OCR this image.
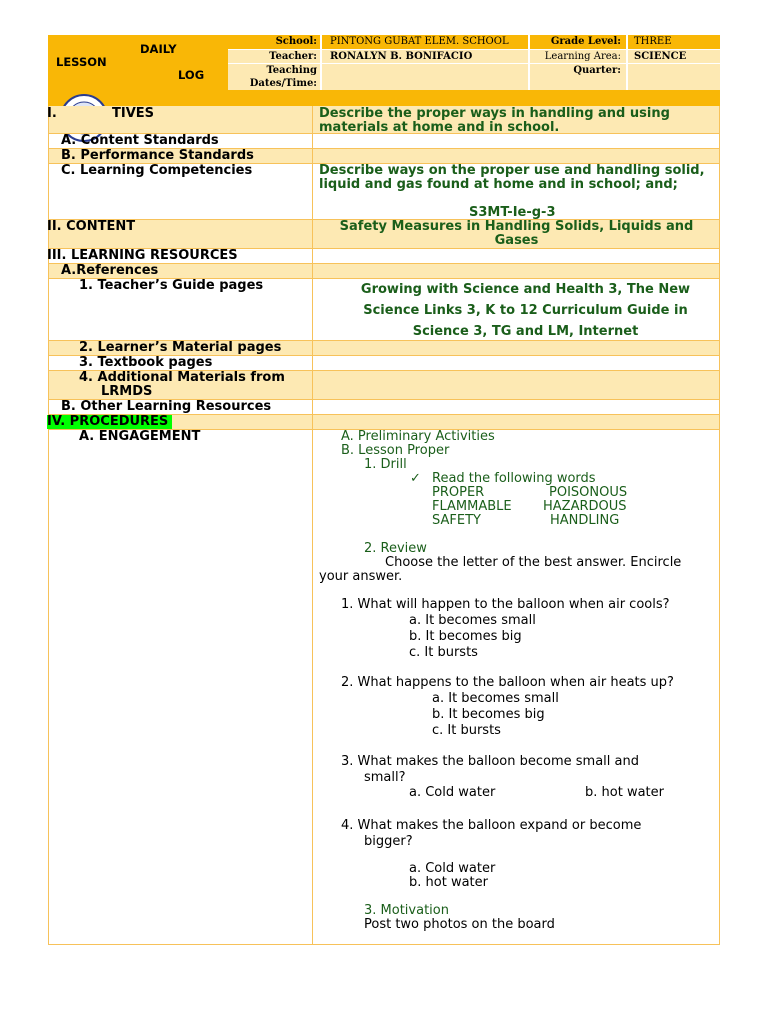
DAILY
LESSON
LOG
School:	PINTONG GUBAT ELEM. SCHOOL	Grade Level:	THREE
Teacher:	RONALYN B. BONIFACIO	Learning Area:	SCIENCE
Teaching
Dates/Time:
Quarter:
I.	TIVES	Describe the proper ways in handling and using materials at home and in school.
A. Content Standards
B. Performance Standards
C. Learning Competencies	Describe ways on the proper use and handling solid, liquid and gas found at home and in school; and;
S3MT-Ie-g-3
II. CONTENT	Safety Measures in Handling Solids, Liquids and Gases
III. LEARNING RESOURCES
A.References
1. Teacher’s Guide pages	Growing with Science and Health 3, The New Science Links 3, K to 12 Curriculum Guide in Science 3, TG and LM, Internet
2. Learner’s Material pages
3. Textbook pages
4. Additional Materials from
LRMDS
B. Other Learning Resources
IV. PROCEDURES
A. ENGAGEMENT	A. Preliminary Activities
B. Lesson Proper
1. Drill
✓ Read the following words
PROPER	POISONOUS
FLAMMABLE HAZARDOUS
SAFETY	HANDLING
2. Review
Choose the letter of the best answer. Encircle
your answer.
1. What will happen to the balloon when air cools?
a. It becomes small
b. It becomes big
c. It bursts
2. What happens to the balloon when air heats up?
a. It becomes small
b. It becomes big
c. It bursts
3. What makes the balloon become small and
small?
a. Cold water	b. hot water
4. What makes the balloon expand or become
bigger?
a. Cold water
b. hot water
3. Motivation
Post two photos on the board
